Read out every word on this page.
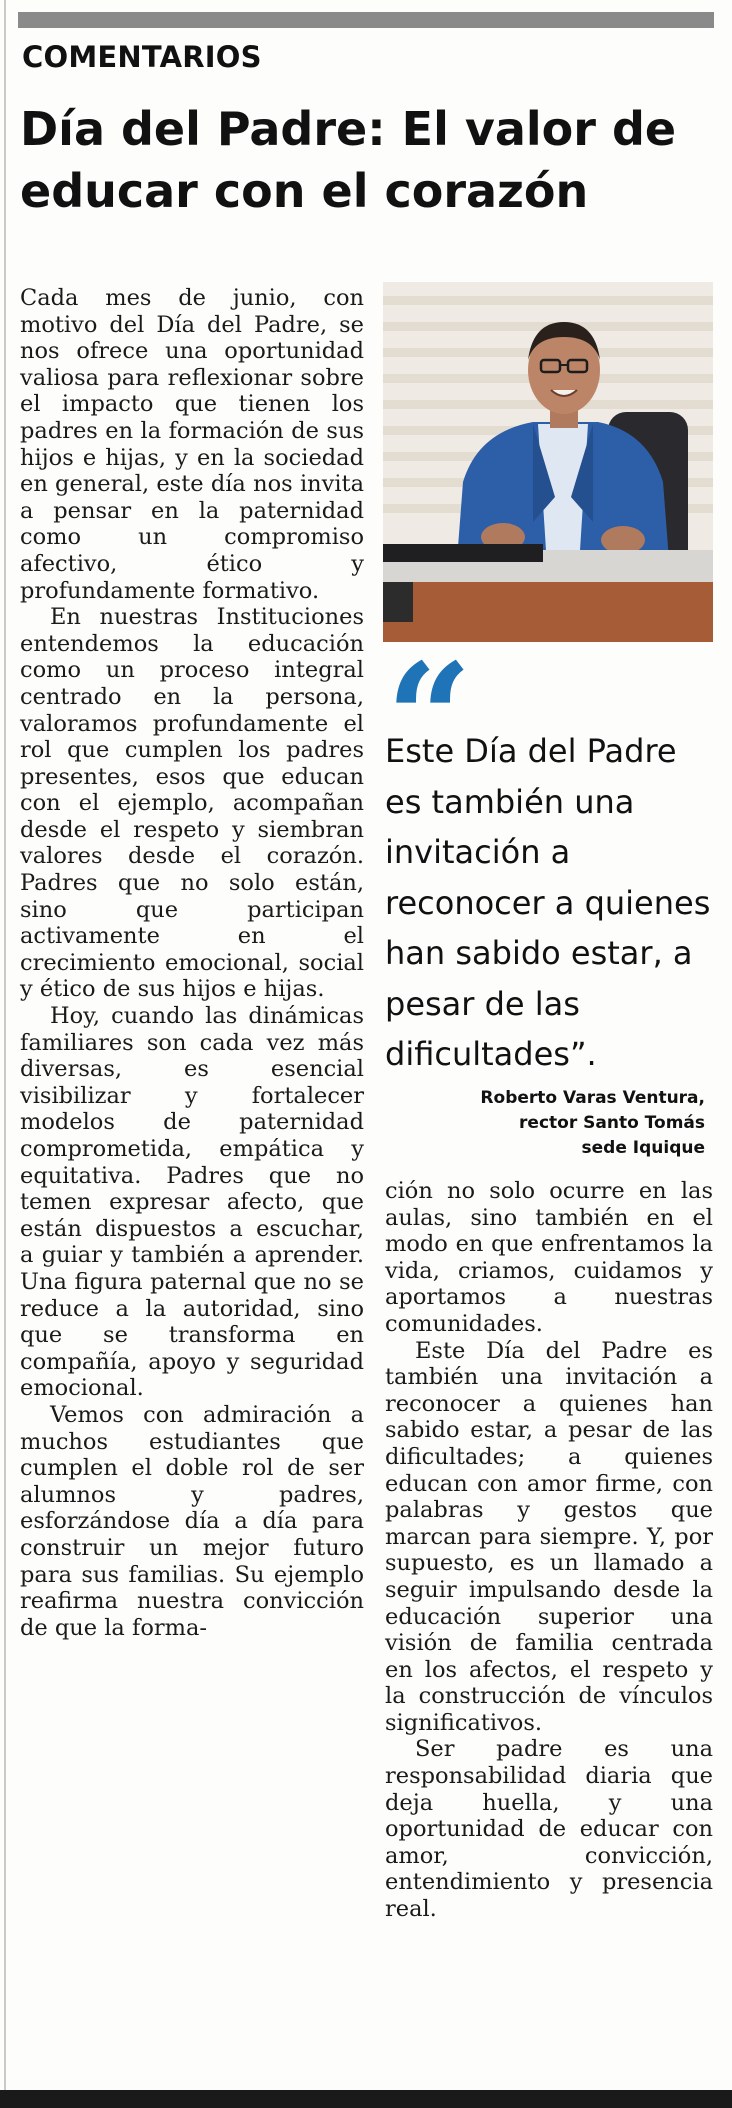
COMENTARIOS
Día del Padre: El valor de educar con el corazón

Cada mes de junio, con motivo del Día del Padre, se nos ofrece una oportunidad valiosa para reflexionar sobre el impacto que tienen los padres en la formación de sus hijos e hijas, y en la sociedad en general, este día nos invita a pensar en la paternidad como un compromiso afectivo, ético y profundamente formativo.

En nuestras Instituciones entendemos la educación como un proceso integral centrado en la persona, valoramos profundamente el rol que cumplen los padres presentes, esos que educan con el ejemplo, acompañan desde el respeto y siembran valores desde el corazón. Padres que no solo están, sino que participan activamente en el crecimiento emocional, social y ético de sus hijos e hijas.

Hoy, cuando las dinámicas familiares son cada vez más diversas, es esencial visibilizar y fortalecer modelos de paternidad comprometida, empática y equitativa. Padres que no temen expresar afecto, que están dispuestos a escuchar, a guiar y también a aprender. Una figura paternal que no se reduce a la autoridad, sino que se transforma en compañía, apoyo y seguridad emocional.

Vemos con admiración a muchos estudiantes que cumplen el doble rol de ser alumnos y padres, esforzándose día a día para construir un mejor futuro para sus familias. Su ejemplo reafirma nuestra convicción de que la forma-

“

Este Día del Padre es también una invitación a reconocer a quienes han sabido estar, a pesar de las dificultades”.

Roberto Varas Ventura,
rector Santo Tomás
sede Iquique

ción no solo ocurre en las aulas, sino también en el modo en que enfrentamos la vida, criamos, cuidamos y aportamos a nuestras comunidades.

Este Día del Padre es también una invitación a reconocer a quienes han sabido estar, a pesar de las dificultades; a quienes educan con amor firme, con palabras y gestos que marcan para siempre. Y, por supuesto, es un llamado a seguir impulsando desde la educación superior una visión de familia centrada en los afectos, el respeto y la construcción de vínculos significativos.

Ser padre es una responsabilidad diaria que deja huella, y una oportunidad de educar con amor, convicción, entendimiento y presencia real.
